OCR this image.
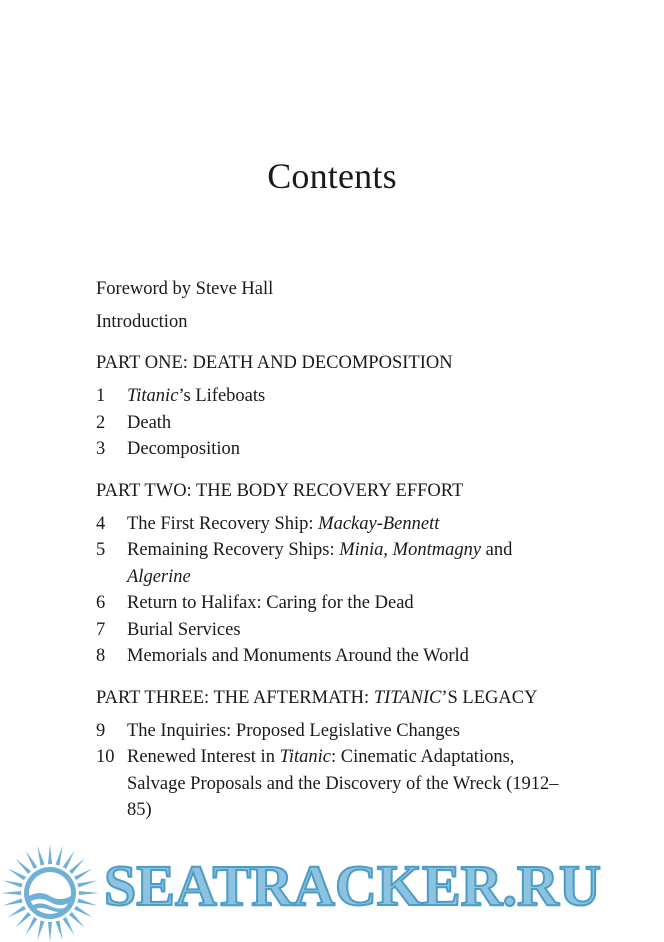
Contents
Foreword by Steve Hall
Introduction
PART ONE: DEATH AND DECOMPOSITION
1 Titanic’s Lifeboats
2 Death
3 Decomposition
PART TWO: THE BODY RECOVERY EFFORT
4 The First Recovery Ship: Mackay-Bennett
5 Remaining Recovery Ships: Minia, Montmagny and Algerine
6 Return to Halifax: Caring for the Dead
7 Burial Services
8 Memorials and Monuments Around the World
PART THREE: THE AFTERMATH: TITANIC’S LEGACY
9 The Inquiries: Proposed Legislative Changes
10 Renewed Interest in Titanic: Cinematic Adaptations, Salvage Proposals and the Discovery of the Wreck (1912–85)
SEATRACKER.RU
